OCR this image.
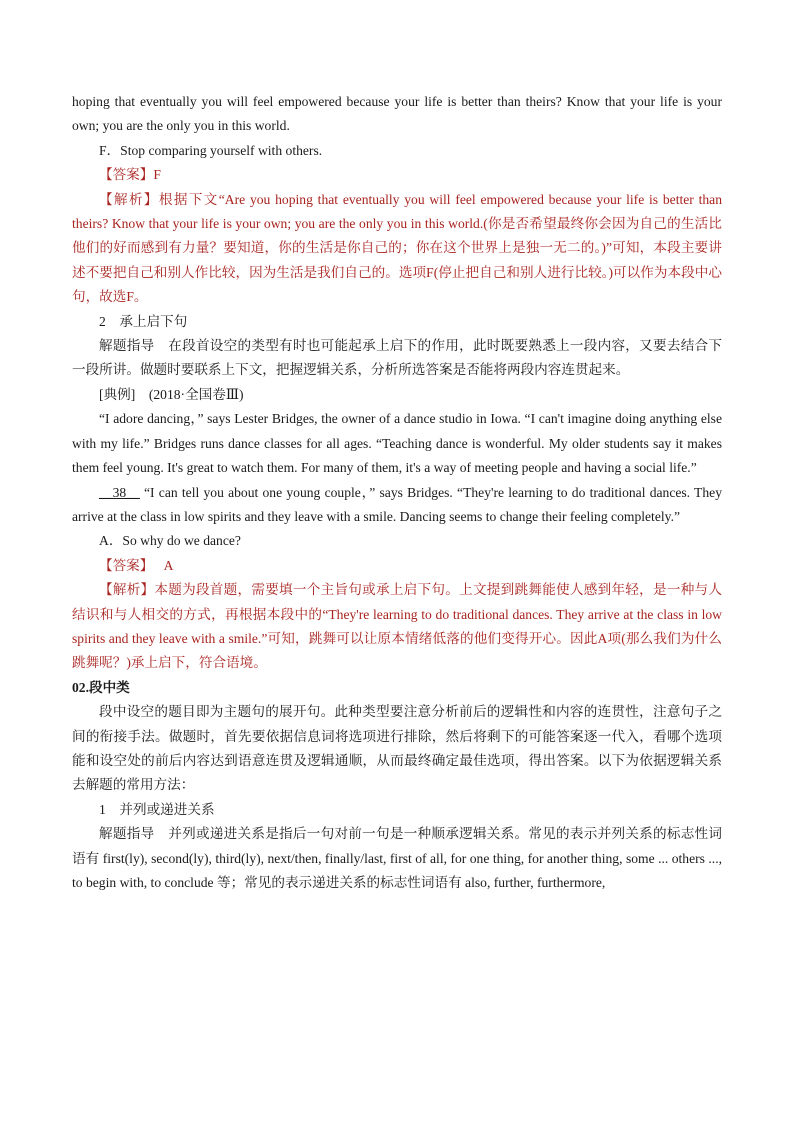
hoping that eventually you will feel empowered because your life is better than theirs? Know that your life is your own; you are the only you in this world.

F．Stop comparing yourself with others.

【答案】F

【解析】根据下文“Are you hoping that eventually you will feel empowered because your life is better than theirs? Know that your life is your own; you are the only you in this world.(你是否希望最终你会因为自己的生活比他们的好而感到有力量？要知道，你的生活是你自己的；你在这个世界上是独一无二的。)”可知，本段主要讲述不要把自己和别人作比较，因为生活是我们自己的。选项F(停止把自己和别人进行比较。)可以作为本段中心句，故选F。

2　承上启下句

解题指导　在段首设空的类型有时也可能起承上启下的作用，此时既要熟悉上一段内容，又要去结合下一段所讲。做题时要联系上下文，把握逻辑关系，分析所选答案是否能将两段内容连贯起来。

[典例]　(2018·全国卷Ⅲ)

“I adore dancing，” says Lester Bridges, the owner of a dance studio in Iowa. “I can't imagine doing anything else with my life.” Bridges runs dance classes for all ages. “Teaching dance is wonderful. My older students say it makes them feel young. It's great to watch them. For many of them, it's a way of meeting people and having a social life.”

__38__ “I can tell you about one young couple，” says Bridges. “They're learning to do traditional dances. They arrive at the class in low spirits and they leave with a smile. Dancing seems to change their feeling completely.”

A．So why do we dance?

【答案】 A

【解析】本题为段首题，需要填一个主旨句或承上启下句。上文提到跳舞能使人感到年轻，是一种与人结识和与人相交的方式，再根据本段中的“They're learning to do traditional dances. They arrive at the class in low spirits and they leave with a smile.”可知，跳舞可以让原本情绪低落的他们变得开心。因此A项(那么我们为什么跳舞呢？)承上启下，符合语境。

02.段中类

段中设空的题目即为主题句的展开句。此种类型要注意分析前后的逻辑性和内容的连贯性，注意句子之间的衔接手法。做题时，首先要依据信息词将选项进行排除，然后将剩下的可能答案逐一代入，看哪个选项能和设空处的前后内容达到语意连贯及逻辑通顺，从而最终确定最佳选项，得出答案。以下为依据逻辑关系去解题的常用方法：

1　并列或递进关系

解题指导　并列或递进关系是指后一句对前一句是一种顺承逻辑关系。常见的表示并列关系的标志性词语有 first(ly), second(ly), third(ly), next/then, finally/last, first of all, for one thing, for another thing, some ... others ..., to begin with, to conclude 等；常见的表示递进关系的标志性词语有 also, further, furthermore,
